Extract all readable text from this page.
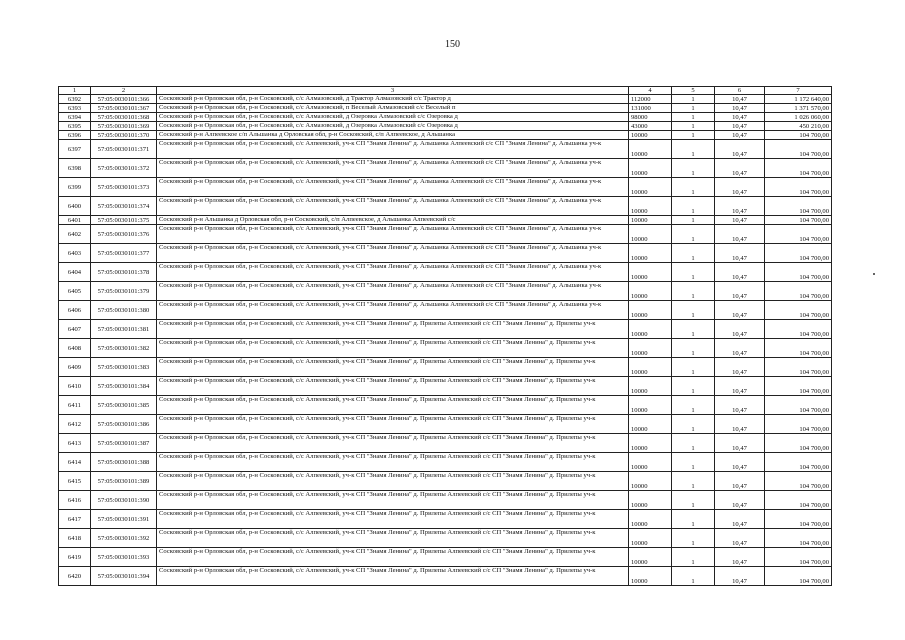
150
1	2	3	4	5	6	7
6392	57:05:0030101:366	Сосковский р-н Орловская обл, р-н Сосковский, с/с Алмазовский, д Трактор Алмазовский с/с Трактор д	112000	1	10,47	1 172 640,00
6393	57:05:0030101:367	Сосковский р-н Орловская обл, р-н Сосковский, с/с Алмазовский, п Веселый Алмазовский с/с Веселый п	131000	1	10,47	1 371 570,00
6394	57:05:0030101:368	Сосковский р-н Орловская обл, р-н Сосковский, с/с Алмазовский, д Озеровка Алмазовский с/с Озеровка д	98000	1	10,47	1 026 060,00
6395	57:05:0030101:369	Сосковский р-н Орловская обл, р-н Сосковский, с/с Алмазовский, д Озеровка Алмазовский с/с Озеровка д	43000	1	10,47	450 210,00
6396	57:05:0030101:370	Сосковский р-н Алпеевское с/п Альшанка д Орловская обл, р-н Сосковский, с/п Алпеевское, д Альшанка	10000	1	10,47	104 700,00
6397	57:05:0030101:371	Сосковский р-н Орловская обл, р-н Сосковский, с/с Алпеевский, уч-к СП "Знамя Ленина" д. Альшанка Алпеевский с/с СП "Знамя Ленина" д. Альшанка уч-к	10000	1	10,47	104 700,00
6398	57:05:0030101:372	Сосковский р-н Орловская обл, р-н Сосковский, с/с Алпеевский, уч-к СП "Знамя Ленина" д. Альшанка Алпеевский с/с СП "Знамя Ленина" д. Альшанка уч-к	10000	1	10,47	104 700,00
6399	57:05:0030101:373	Сосковский р-н Орловская обл, р-н Сосковский, с/с Алпеевский, уч-к СП "Знамя Ленина" д. Альшанка Алпеевский с/с СП "Знамя Ленина" д. Альшанка уч-к	10000	1	10,47	104 700,00
6400	57:05:0030101:374	Сосковский р-н Орловская обл, р-н Сосковский, с/с Алпеевский, уч-к СП "Знамя Ленина" д. Альшанка Алпеевский с/с СП "Знамя Ленина" д. Альшанка уч-к	10000	1	10,47	104 700,00
6401	57:05:0030101:375	Сосковский р-н Альшанка д Орловская обл, р-н Сосковский, с/п Алпеевское, д Альшанка Алпеевский с/с	10000	1	10,47	104 700,00
6402	57:05:0030101:376	Сосковский р-н Орловская обл, р-н Сосковский, с/с Алпеевский, уч-к СП "Знамя Ленина" д. Альшанка Алпеевский с/с СП "Знамя Ленина" д. Альшанка уч-к	10000	1	10,47	104 700,00
6403	57:05:0030101:377	Сосковский р-н Орловская обл, р-н Сосковский, с/с Алпеевский, уч-к СП "Знамя Ленина" д. Альшанка Алпеевский с/с СП "Знамя Ленина" д. Альшанка уч-к	10000	1	10,47	104 700,00
6404	57:05:0030101:378	Сосковский р-н Орловская обл, р-н Сосковский, с/с Алпеевский, уч-к СП "Знамя Ленина" д. Альшанка Алпеевский с/с СП "Знамя Ленина" д. Альшанка уч-к	10000	1	10,47	104 700,00
6405	57:05:0030101:379	Сосковский р-н Орловская обл, р-н Сосковский, с/с Алпеевский, уч-к СП "Знамя Ленина" д. Альшанка Алпеевский с/с СП "Знамя Ленина" д. Альшанка уч-к	10000	1	10,47	104 700,00
6406	57:05:0030101:380	Сосковский р-н Орловская обл, р-н Сосковский, с/с Алпеевский, уч-к СП "Знамя Ленина" д. Альшанка Алпеевский с/с СП "Знамя Ленина" д. Альшанка уч-к	10000	1	10,47	104 700,00
6407	57:05:0030101:381	Сосковский р-н Орловская обл, р-н Сосковский, с/с Алпеевский, уч-к СП "Знамя Ленина" д. Прилепы Алпеевский с/с СП "Знамя Ленина" д. Прилепы уч-к	10000	1	10,47	104 700,00
6408	57:05:0030101:382	Сосковский р-н Орловская обл, р-н Сосковский, с/с Алпеевский, уч-к СП "Знамя Ленина" д. Прилепы Алпеевский с/с СП "Знамя Ленина" д. Прилепы уч-к	10000	1	10,47	104 700,00
6409	57:05:0030101:383	Сосковский р-н Орловская обл, р-н Сосковский, с/с Алпеевский, уч-к СП "Знамя Ленина" д. Прилепы Алпеевский с/с СП "Знамя Ленина" д. Прилепы уч-к	10000	1	10,47	104 700,00
6410	57:05:0030101:384	Сосковский р-н Орловская обл, р-н Сосковский, с/с Алпеевский, уч-к СП "Знамя Ленина" д. Прилепы Алпеевский с/с СП "Знамя Ленина" д. Прилепы уч-к	10000	1	10,47	104 700,00
6411	57:05:0030101:385	Сосковский р-н Орловская обл, р-н Сосковский, с/с Алпеевский, уч-к СП "Знамя Ленина" д. Прилепы Алпеевский с/с СП "Знамя Ленина" д. Прилепы уч-к	10000	1	10,47	104 700,00
6412	57:05:0030101:386	Сосковский р-н Орловская обл, р-н Сосковский, с/с Алпеевский, уч-к СП "Знамя Ленина" д. Прилепы Алпеевский с/с СП "Знамя Ленина" д. Прилепы уч-к	10000	1	10,47	104 700,00
6413	57:05:0030101:387	Сосковский р-н Орловская обл, р-н Сосковский, с/с Алпеевский, уч-к СП "Знамя Ленина" д. Прилепы Алпеевский с/с СП "Знамя Ленина" д. Прилепы уч-к	10000	1	10,47	104 700,00
6414	57:05:0030101:388	Сосковский р-н Орловская обл, р-н Сосковский, с/с Алпеевский, уч-к СП "Знамя Ленина" д. Прилепы Алпеевский с/с СП "Знамя Ленина" д. Прилепы уч-к	10000	1	10,47	104 700,00
6415	57:05:0030101:389	Сосковский р-н Орловская обл, р-н Сосковский, с/с Алпеевский, уч-к СП "Знамя Ленина" д. Прилепы Алпеевский с/с СП "Знамя Ленина" д. Прилепы уч-к	10000	1	10,47	104 700,00
6416	57:05:0030101:390	Сосковский р-н Орловская обл, р-н Сосковский, с/с Алпеевский, уч-к СП "Знамя Ленина" д. Прилепы Алпеевский с/с СП "Знамя Ленина" д. Прилепы уч-к	10000	1	10,47	104 700,00
6417	57:05:0030101:391	Сосковский р-н Орловская обл, р-н Сосковский, с/с Алпеевский, уч-к СП "Знамя Ленина" д. Прилепы Алпеевский с/с СП "Знамя Ленина" д. Прилепы уч-к	10000	1	10,47	104 700,00
6418	57:05:0030101:392	Сосковский р-н Орловская обл, р-н Сосковский, с/с Алпеевский, уч-к СП "Знамя Ленина" д. Прилепы Алпеевский с/с СП "Знамя Ленина" д. Прилепы уч-к	10000	1	10,47	104 700,00
6419	57:05:0030101:393	Сосковский р-н Орловская обл, р-н Сосковский, с/с Алпеевский, уч-к СП "Знамя Ленина" д. Прилепы Алпеевский с/с СП "Знамя Ленина" д. Прилепы уч-к	10000	1	10,47	104 700,00
6420	57:05:0030101:394	Сосковский р-н Орловская обл, р-н Сосковский, с/с Алпеевский, уч-к СП "Знамя Ленина" д. Прилепы Алпеевский с/с СП "Знамя Ленина" д. Прилепы уч-к	10000	1	10,47	104 700,00
